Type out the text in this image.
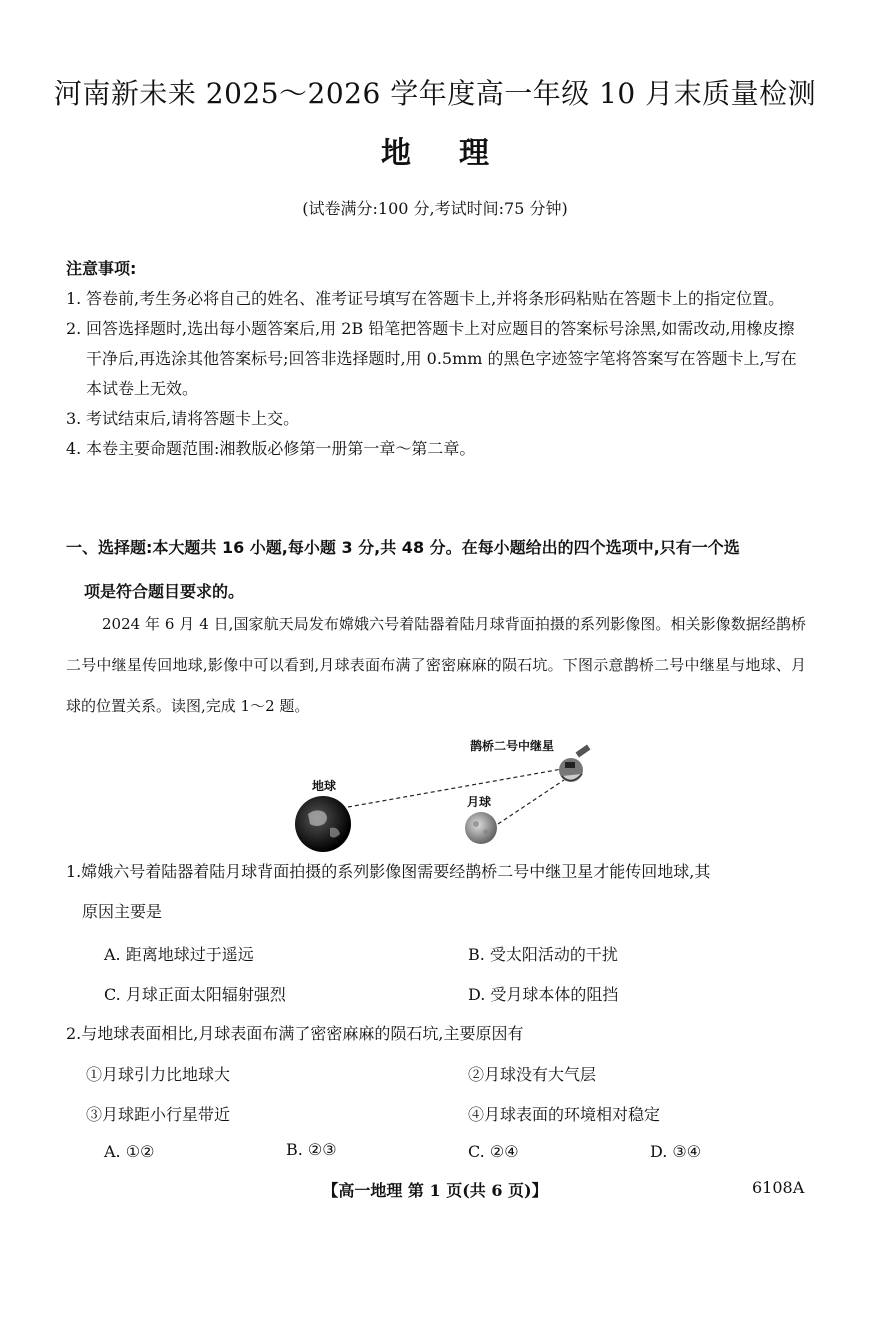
河南新未来 2025～2026 学年度高一年级 10 月末质量检测
地理
(试卷满分:100 分,考试时间:75 分钟)
注意事项:
1. 答卷前,考生务必将自己的姓名、准考证号填写在答题卡上,并将条形码粘贴在答题卡上的指定位置。
2. 回答选择题时,选出每小题答案后,用 2B 铅笔把答题卡上对应题目的答案标号涂黑,如需改动,用橡皮擦干净后,再选涂其他答案标号;回答非选择题时,用 0.5mm 的黑色字迹签字笔将答案写在答题卡上,写在本试卷上无效。
3. 考试结束后,请将答题卡上交。
4. 本卷主要命题范围:湘教版必修第一册第一章～第二章。
一、选择题:本大题共 16 小题,每小题 3 分,共 48 分。在每小题给出的四个选项中,只有一个选
项是符合题目要求的。
2024 年 6 月 4 日,国家航天局发布嫦娥六号着陆器着陆月球背面拍摄的系列影像图。相关影像数据经鹊桥二号中继星传回地球,影像中可以看到,月球表面布满了密密麻麻的陨石坑。下图示意鹊桥二号中继星与地球、月球的位置关系。读图,完成 1～2 题。
地球
月球
鹊桥二号中继星
1.嫦娥六号着陆器着陆月球背面拍摄的系列影像图需要经鹊桥二号中继卫星才能传回地球,其
原因主要是
A. 距离地球过于遥远	B. 受太阳活动的干扰
C. 月球正面太阳辐射强烈	D. 受月球本体的阻挡
2.与地球表面相比,月球表面布满了密密麻麻的陨石坑,主要原因有
①月球引力比地球大	②月球没有大气层
③月球距小行星带近	④月球表面的环境相对稳定
A. ①②	B. ②③	C. ②④	D. ③④
【高一地理 第 1 页(共 6 页)】	6108A
